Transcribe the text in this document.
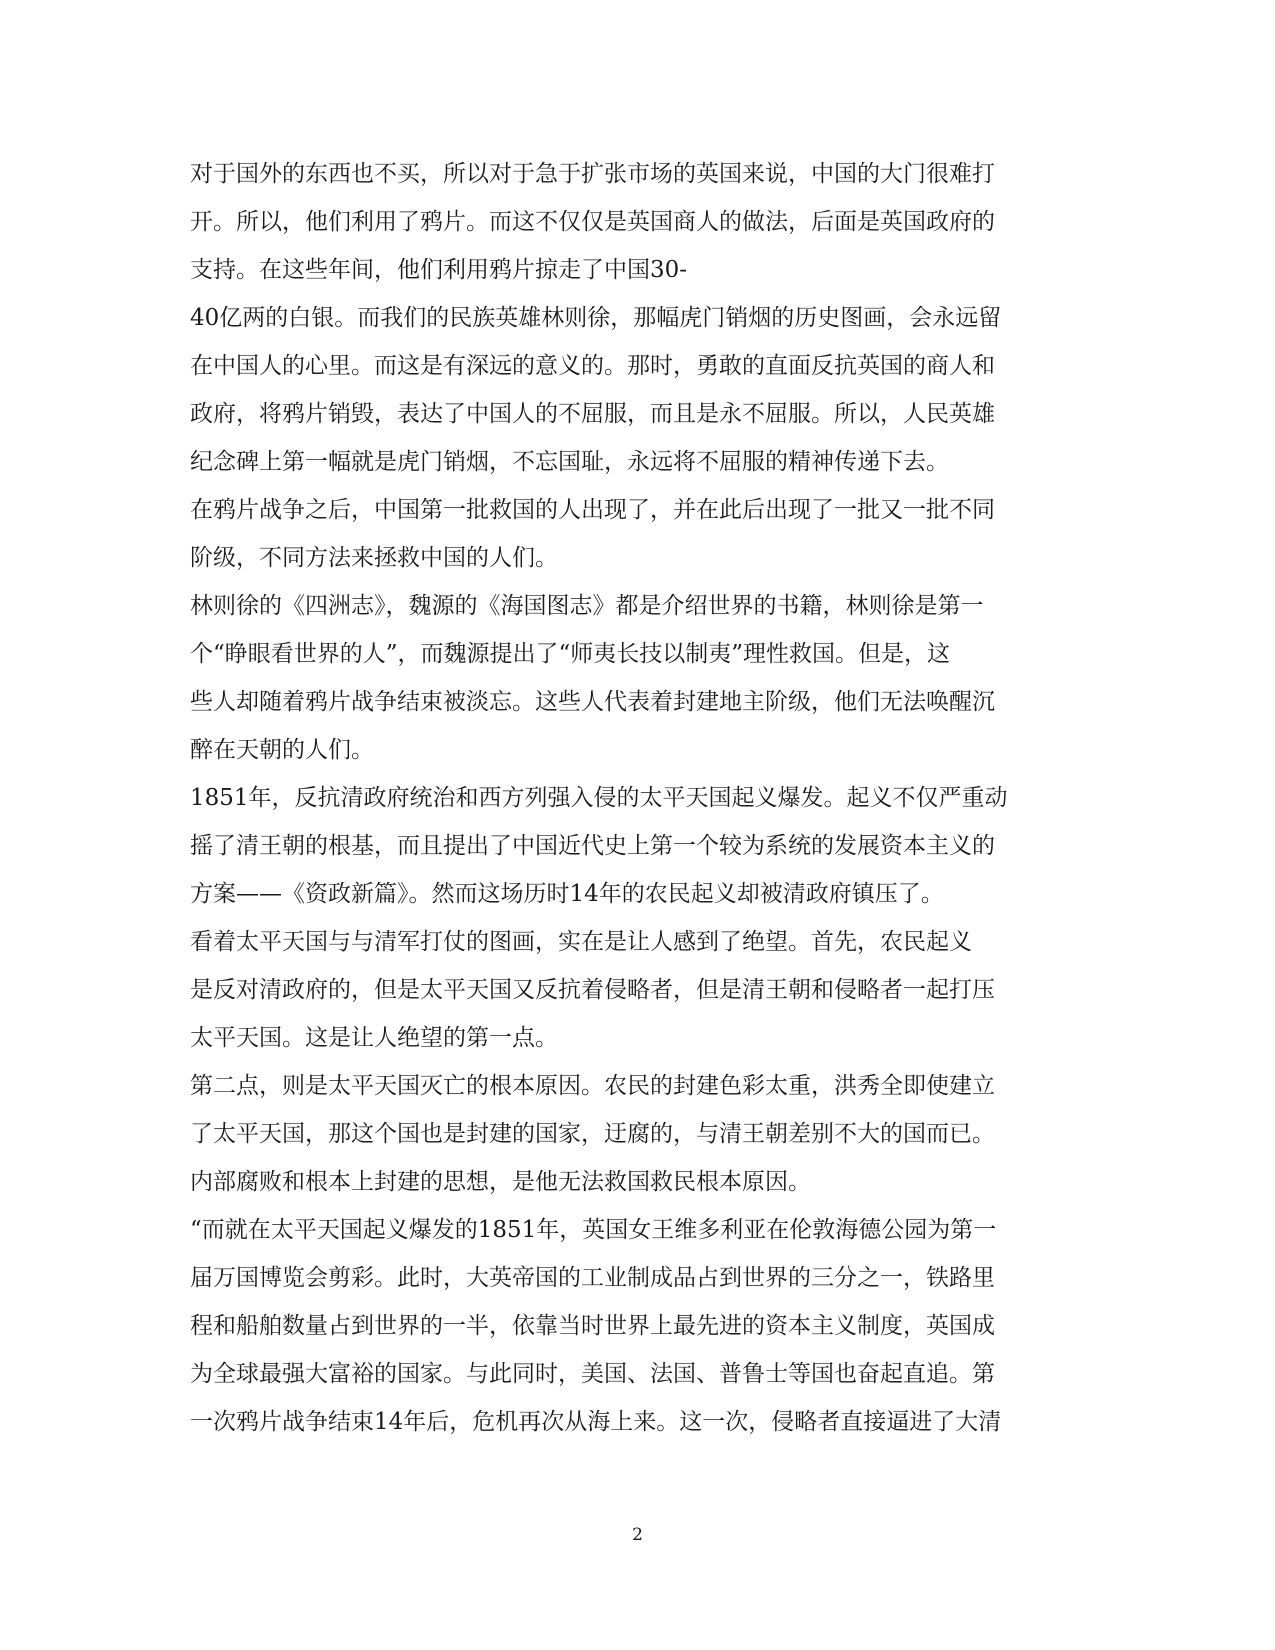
对于国外的东西也不买，所以对于急于扩张市场的英国来说，中国的大门很难打
开。所以，他们利用了鸦片。而这不仅仅是英国商人的做法，后面是英国政府的
支持。在这些年间，他们利用鸦片掠走了中国30-
40亿两的白银。而我们的民族英雄林则徐，那幅虎门销烟的历史图画，会永远留
在中国人的心里。而这是有深远的意义的。那时，勇敢的直面反抗英国的商人和
政府，将鸦片销毁，表达了中国人的不屈服，而且是永不屈服。所以，人民英雄
纪念碑上第一幅就是虎门销烟，不忘国耻，永远将不屈服的精神传递下去。
在鸦片战争之后，中国第一批救国的人出现了，并在此后出现了一批又一批不同
阶级，不同方法来拯救中国的人们。
林则徐的《四洲志》，魏源的《海国图志》都是介绍世界的书籍，林则徐是第一
个“睁眼看世界的人”，而魏源提出了“师夷长技以制夷”理性救国。但是，这
些人却随着鸦片战争结束被淡忘。这些人代表着封建地主阶级，他们无法唤醒沉
醉在天朝的人们。
1851年，反抗清政府统治和西方列强入侵的太平天国起义爆发。起义不仅严重动
摇了清王朝的根基，而且提出了中国近代史上第一个较为系统的发展资本主义的
方案——《资政新篇》。然而这场历时14年的农民起义却被清政府镇压了。
看着太平天国与与清军打仗的图画，实在是让人感到了绝望。首先，农民起义
是反对清政府的，但是太平天国又反抗着侵略者，但是清王朝和侵略者一起打压
太平天国。这是让人绝望的第一点。
第二点，则是太平天国灭亡的根本原因。农民的封建色彩太重，洪秀全即使建立
了太平天国，那这个国也是封建的国家，迂腐的，与清王朝差别不大的国而已。
内部腐败和根本上封建的思想，是他无法救国救民根本原因。
“而就在太平天国起义爆发的1851年，英国女王维多利亚在伦敦海德公园为第一
届万国博览会剪彩。此时，大英帝国的工业制成品占到世界的三分之一，铁路里
程和船舶数量占到世界的一半，依靠当时世界上最先进的资本主义制度，英国成
为全球最强大富裕的国家。与此同时，美国、法国、普鲁士等国也奋起直追。第
一次鸦片战争结束14年后，危机再次从海上来。这一次，侵略者直接逼进了大清
2
